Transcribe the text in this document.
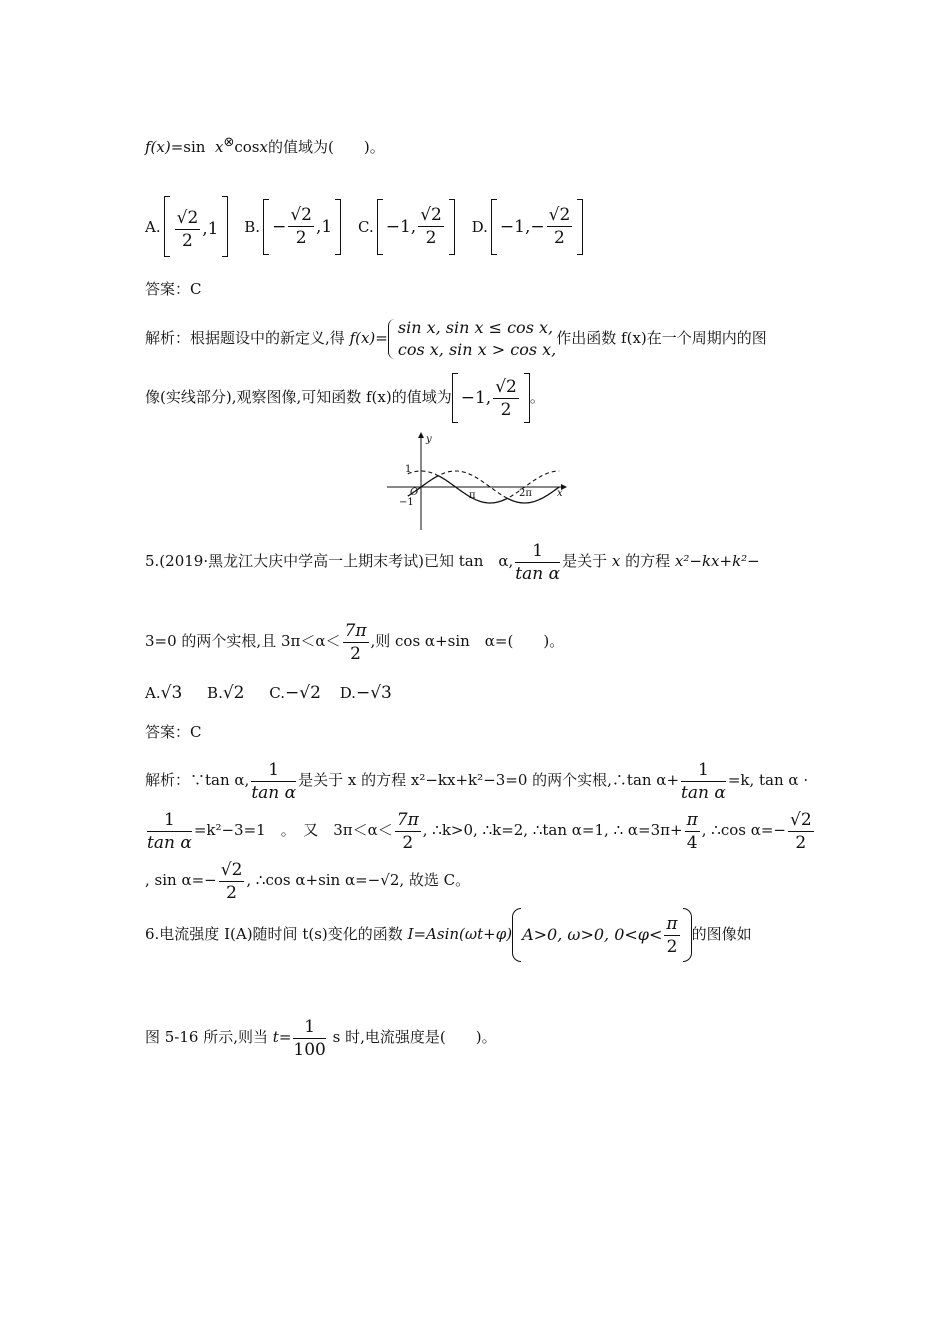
f(x)=sin x⊗cosx的值域为(　　)。
A. $\frac{√2}{2} ,1$
B. − $\frac{√2}{2} ,1$
C. −1, $\frac{√2}{2}$
D. $-1,- \frac{√2}{2}$
答案：C
解析：根据题设中的新定义,得 f(x)=
sin x, sin x ≤ cos x,
cos x, sin x > cos x,
作出函数 f(x)在一个周期内的图
像(实线部分),观察图像,可知函数 f(x)的值域为 −1, $\frac{√2}{2}$ 。
y
x
1
−1
O	π	2π
5.(2019·黑龙江大庆中学高一上期末考试)已知 tan　α, $\frac{1}{\text{tan α}}$ 是关于 x 的方程 x²−kx+k²−
3=0 的两个实根,且 $3\pi<\alpha< \frac{7\pi}{2}$ ,则 cos α+sin　α=(　　)。
A. √3
B. √2
C. −√2
D. −√3
答案：C
解析：∵tan α, $\frac{1}{\text{tan α}}$ 是关于 x 的方程 x²−kx+k²−3=0 的两个实根,∴tan $\alpha+ \frac{1}{\text{tan α}} =k$, tan α ·
$\frac{1}{\text{tan α}} =k^2-3=1$　。　又　$3\pi<\alpha< \frac{7\pi}{2}$ , ∴k>0, ∴k=2, ∴tan α=1, ∴ $\alpha=3\pi+ \frac{\pi}{4}$ , ∴cos $\alpha=- \frac{√2}{2}$
, $\sin \alpha=- \frac{√2}{2}$ , ∴cos α+sin α=−√2, 故选 C。
6.电流强度 I(A)随时间 t(s)变化的函数 I=Asin(ωt+φ) A>0, ω>0, $0<\varphi< \frac{\pi}{2}$ 的图像如
图 5-16 所示,则当 $t= \frac{1}{100}$ s 时,电流强度是(　　)。
